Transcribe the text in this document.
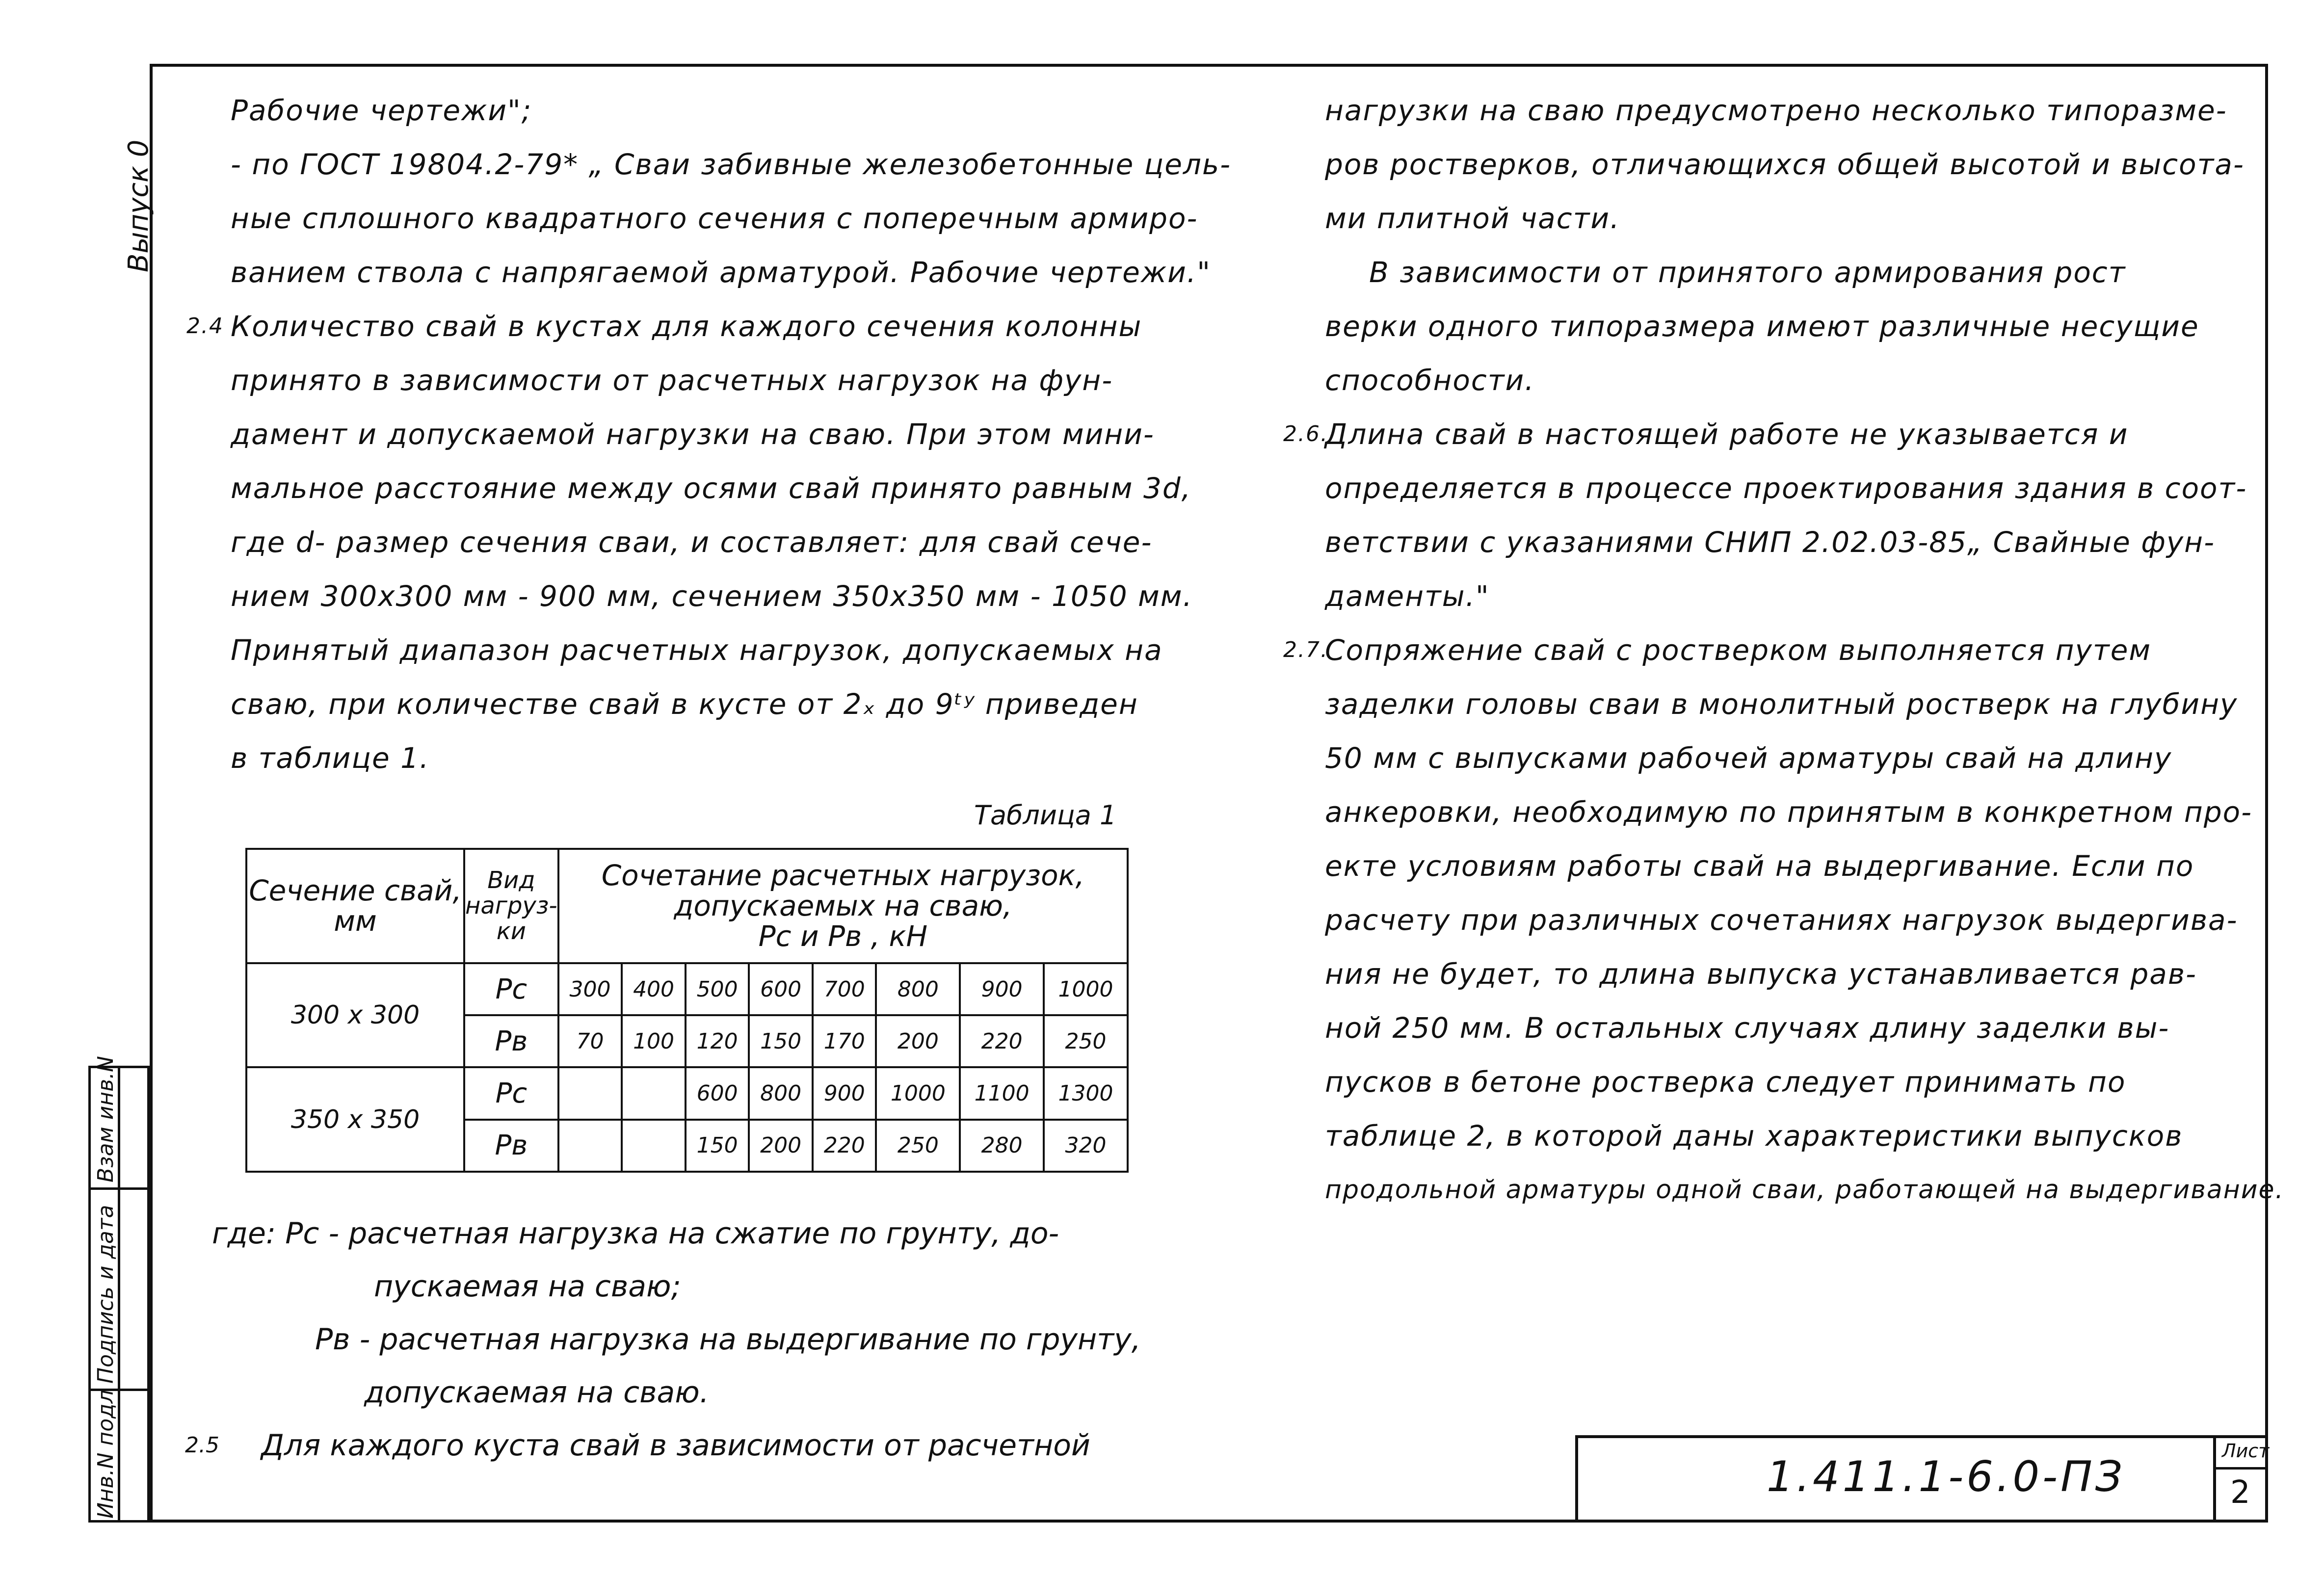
Выпуск 0
Взам инв.N
Подпись и дата
Инв.N подл

Рабочие чертежи";

- по ГОСТ 19804.2-79* „ Сваи забивные железобетонные цель-

ные сплошного квадратного сечения с поперечным армиро-

ванием ствола с напрягаемой арматурой. Рабочие чертежи."

2.4 Количество свай в кустах для каждого сечения колонны

принято в зависимости от расчетных нагрузок на фун-

дамент и допускаемой нагрузки на сваю. При этом мини-

мальное расстояние между осями свай принято равным 3d,

где d- размер сечения сваи, и составляет: для свай сече-

нием 300x300 мм - 900 мм, сечением 350x350 мм - 1050 мм.

Принятый диапазон расчетных нагрузок, допускаемых на

сваю, при количестве свай в кусте от 2ₓ до 9ᵗʸ приведен

в таблице 1.

Таблица 1
Сечение свай, мм	Вид нагруз-ки	Сочетание расчетных нагрузок,
допускаемых на сваю,
Pс и Pв , кН							

300 x 300	Pc	300	400	500	600	700	800	900	1000
	Pв	70	100	120	150	170	200	220	250
350 x 350	Pc			600	800	900	1000	1100	1300
	Pв			150	200	220	250	280	320

где: Pc - расчетная нагрузка на сжатие по грунту, до-

пускаемая на сваю;

Pв - расчетная нагрузка на выдергивание по грунту,

допускаемая на сваю.

2.5 Для каждого куста свай в зависимости от расчетной

нагрузки на сваю предусмотрено несколько типоразме-

ров ростверков, отличающихся общей высотой и высота-

ми плитной части.

В зависимости от принятого армирования рост

верки одного типоразмера имеют различные несущие

способности.

2.6.
Длина свай в настоящей работе не указывается и

определяется в процессе проектирования здания в соот-

ветствии с указаниями СНИП 2.02.03-85„ Свайные фун-

даменты."

2.7.
Сопряжение свай с ростверком выполняется путем

заделки головы сваи в монолитный ростверк на глубину

50 мм с выпусками рабочей арматуры свай на длину

анкеровки, необходимую по принятым в конкретном про-

екте условиям работы свай на выдергивание. Если по

расчету при различных сочетаниях нагрузок выдергива-

ния не будет, то длина выпуска устанавливается рав-

ной 250 мм. В остальных случаях длину заделки вы-

пусков в бетоне ростверка следует принимать по

таблице 2, в которой даны характеристики выпусков

продольной арматуры одной сваи, работающей на выдергивание.

1.411.1-6.0-ПЗ
Лист
2
